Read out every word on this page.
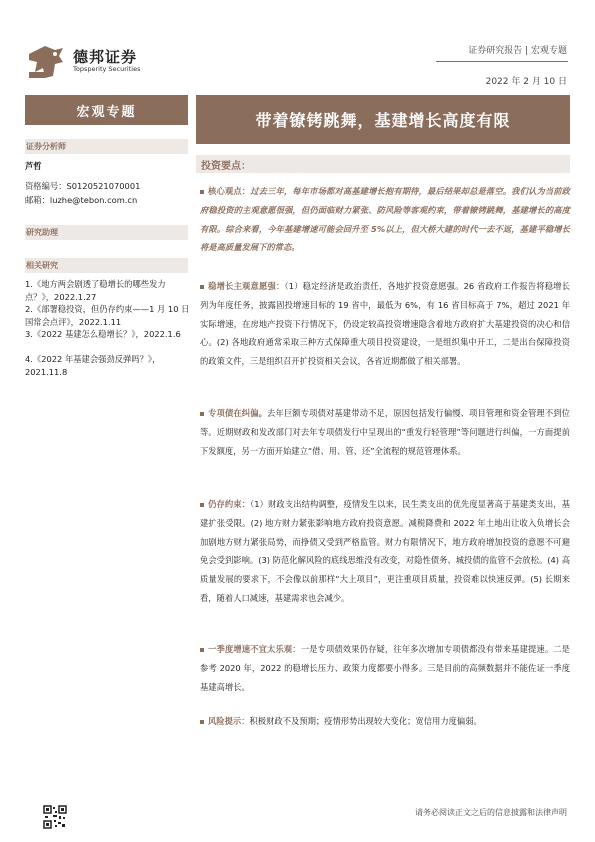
德邦证券
Topsperity Securities
证券研究报告 | 宏观专题
2022 年 2 月 10 日
宏观专题
证券分析师
芦哲
资格编号：S0120521070001
邮箱：luzhe@tebon.com.cn
研究助理
相关研究
1.《地方两会剧透了稳增长的哪些发力点？》，2022.1.27
2.《部署稳投资，但仍存约束——1 月 10 日国常会点评》，2022.1.11
3.《2022 基建怎么稳增长？》，2022.1.6
4.《2022 年基建会强劲反弹吗？》，2021.11.8
带着镣铐跳舞，基建增长高度有限
投资要点：
核心观点：过去三年，每年市场都对高基建增长抱有期待，最后结果却总是落空。我们认为当前政府稳投资的主观意愿很强，但仍面临财力紧张、防风险等客观约束，带着镣铐跳舞，基建增长的高度有限。综合来看，今年基建增速可能会回升至 5%以上，但大桥大建的时代一去不返，基建平稳增长将是高质量发展下的常态。
稳增长主观意愿强：（1）稳定经济是政治责任，各地扩投资意愿强。26 省政府工作报告将稳增长列为年度任务，披露固投增速目标的 19 省中，最低为 6%，有 16 省目标高于 7%，超过 2021 年实际增速，在房地产投资下行情况下，仍设定较高投资增速隐含着地方政府扩大基建投资的决心和信心。(2) 各地政府通常采取三种方式保障重大项目投资建设，一是组织集中开工，二是出台保障投资的政策文件，三是组织召开扩投资相关会议，各省近期都做了相关部署。
专项债在纠偏。去年巨额专项债对基建带动不足，原因包括发行偏慢、项目管理和资金管理不到位等。近期财政和发改部门对去年专项债发行中呈现出的“重发行轻管理”等问题进行纠偏，一方面提前下发额度，另一方面开始建立“借、用、管、还”全流程的规范管理体系。
仍存约束：（1）财政支出结构调整，疫情发生以来，民生类支出的优先度显著高于基建类支出，基建扩张受限。(2) 地方财力紧张影响地方政府投资意愿。减税降费和 2022 年土地出让收入负增长会加剧地方财力紧张局势，而挣债又受到严格监管。财力有限情况下，地方政府增加投资的意愿不可避免会受到影响。(3) 防范化解风险的底线思维没有改变，对隐性债务、城投债的监管不会放松。(4) 高质量发展的要求下，不会像以前那样“大上项目”，更注重项目质量，投资难以快速反弹。(5) 长期来看，随着人口减速，基建需求也会减少。
一季度增速不宜太乐观：一是专项债效果仍存疑，往年多次增加专项债都没有带来基建提速。二是参考 2020 年，2022 的稳增长压力、政策力度都要小得多。三是目前的高频数据并不能佐证一季度基建高增长。
风险提示：积极财政不及预期；疫情形势出现较大变化；宽信用力度偏弱。
请务必阅读正文之后的信息披露和法律声明
